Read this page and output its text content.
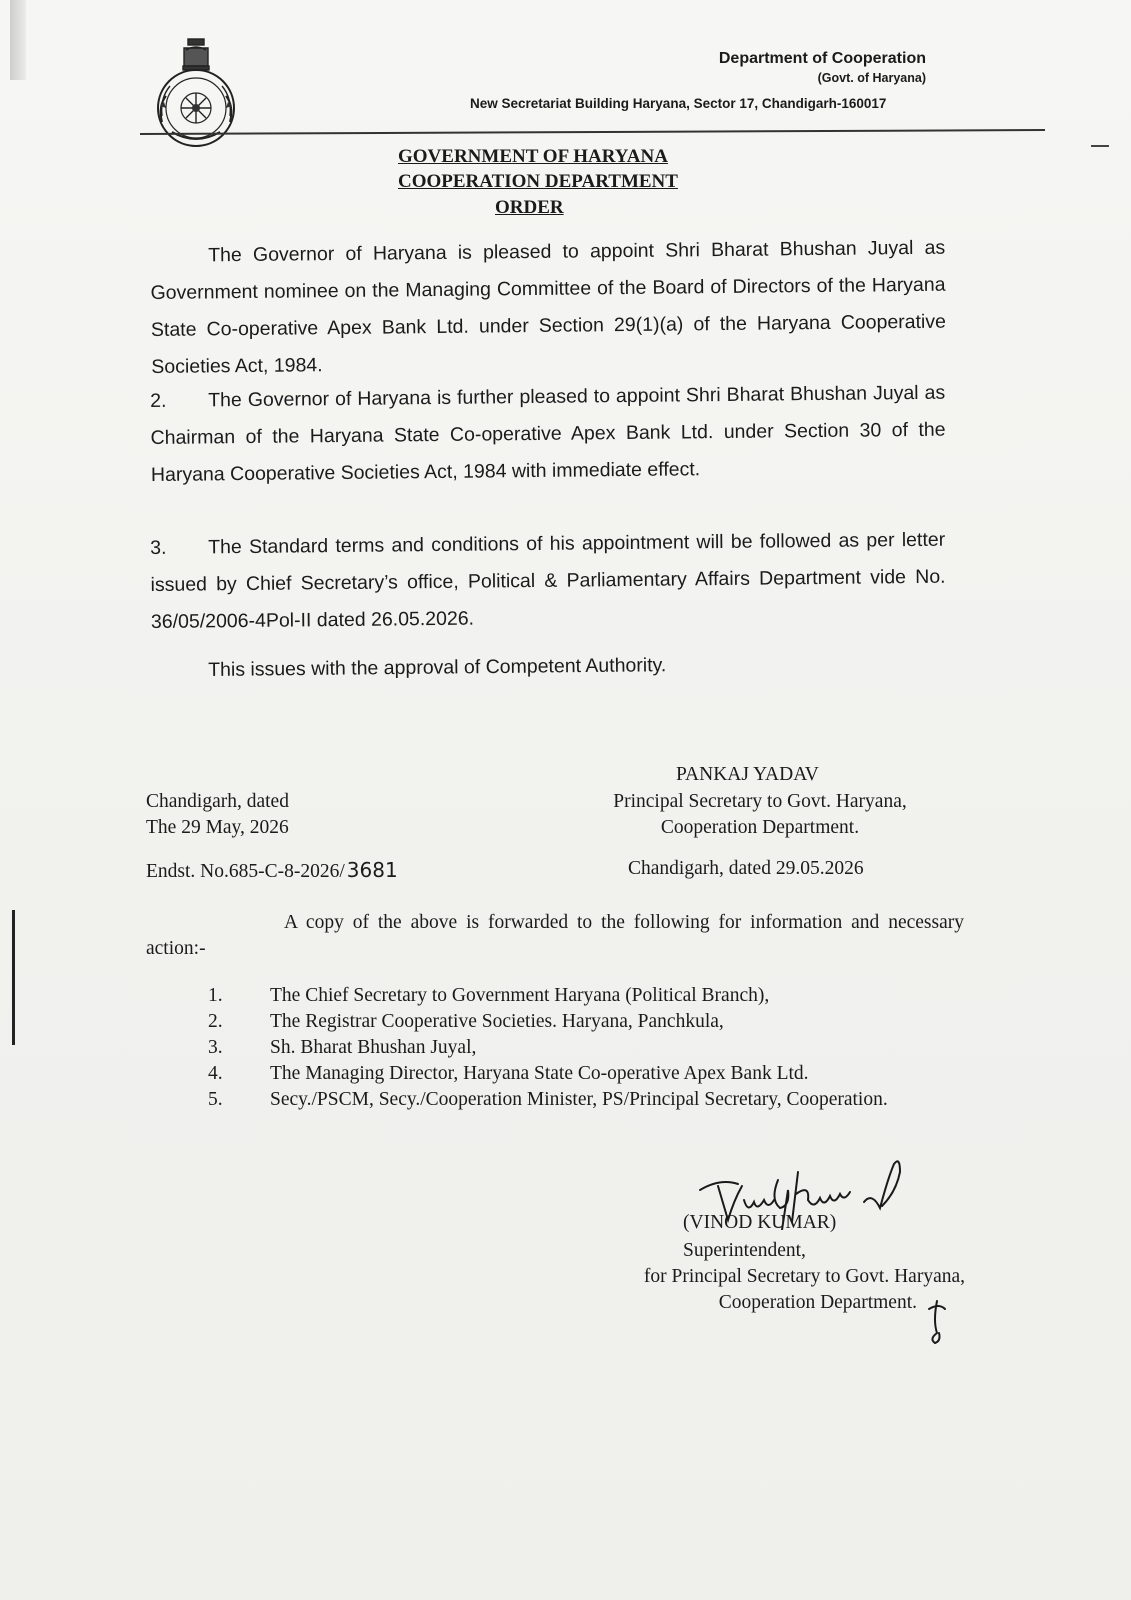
Department of Cooperation
(Govt. of Haryana)
New Secretariat Building Haryana, Sector 17, Chandigarh-160017
GOVERNMENT OF HARYANA
COOPERATION DEPARTMENT
ORDER
The Governor of Haryana is pleased to appoint Shri Bharat Bhushan Juyal as Government nominee on the Managing Committee of the Board of Directors of the Haryana State Co-operative Apex Bank Ltd. under Section 29(1)(a) of the Haryana Cooperative Societies Act, 1984.
2. The Governor of Haryana is further pleased to appoint Shri Bharat Bhushan Juyal as Chairman of the Haryana State Co-operative Apex Bank Ltd. under Section 30 of the Haryana Cooperative Societies Act, 1984 with immediate effect.
3. The Standard terms and conditions of his appointment will be followed as per letter issued by Chief Secretary’s office, Political & Parliamentary Affairs Department vide No. 36/05/2006-4Pol-II dated 26.05.2026.
This issues with the approval of Competent Authority.
PANKAJ YADAV
Principal Secretary to Govt. Haryana,
Cooperation Department.
Chandigarh, dated
The 29 May, 2026
Endst. No.685-C-8-2026/ 3681	Chandigarh, dated 29.05.2026
A copy of the above is forwarded to the following for information and necessary action:-
1.	The Chief Secretary to Government Haryana (Political Branch),
2.	The Registrar Cooperative Societies. Haryana, Panchkula,
3.	Sh. Bharat Bhushan Juyal,
4.	The Managing Director, Haryana State Co-operative Apex Bank Ltd.
5.	Secy./PSCM, Secy./Cooperation Minister, PS/Principal Secretary, Cooperation.
(VINOD KUMAR)
Superintendent,
for Principal Secretary to Govt. Haryana,
Cooperation Department.
